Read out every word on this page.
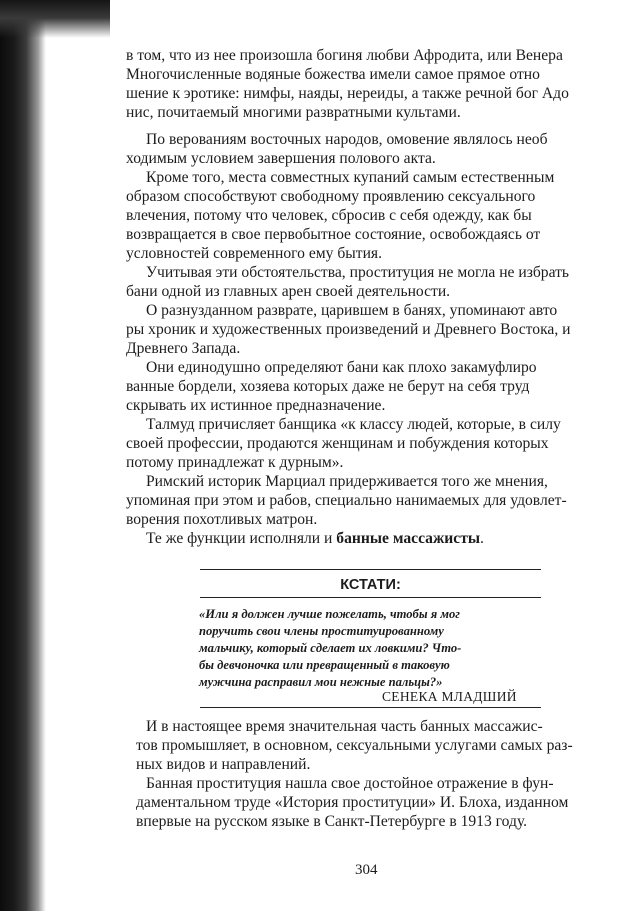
в том, что из нее произошла богиня любви Афродита, или Венера
Многочисленные водяные божества имели самое прямое отно
шение к эротике: нимфы, наяды, нереиды, а также речной бог Адо
нис, почитаемый многими развратными культами.
По верованиям восточных народов, омовение являлось необ
ходимым условием завершения полового акта.
Кроме того, места совместных купаний самым естественным
образом способствуют свободному проявлению сексуального
влечения, потому что человек, сбросив с себя одежду, как бы
возвращается в свое первобытное состояние, освобождаясь от
условностей современного ему бытия.
Учитывая эти обстоятельства, проституция не могла не избрать
бани одной из главных арен своей деятельности.
О разнузданном разврате, царившем в банях, упоминают авто
ры хроник и художественных произведений и Древнего Востока, и
Древнего Запада.
Они единодушно определяют бани как плохо закамуфлиро
ванные бордели, хозяева которых даже не берут на себя труд
скрывать их истинное предназначение.
Талмуд причисляет банщика «к классу людей, которые, в силу
своей профессии, продаются женщинам и побуждения которых
потому принадлежат к дурным».
Римский историк Марциал придерживается того же мнения,
упоминая при этом и рабов, специально нанимаемых для удовлет-
ворения похотливых матрон.
Те же функции исполняли и банные массажисты.
КСТАТИ:
«Или я должен лучше пожелать, чтобы я мог
поручить свои члены проституированному
мальчику, который сделает их ловкими? Что-
бы девчоночка или превращенный в таковую
мужчина расправил мои нежные пальцы?»
СЕНЕКА МЛАДШИЙ
И в настоящее время значительная часть банных массажис-
тов промышляет, в основном, сексуальными услугами самых раз-
ных видов и направлений.
Банная проституция нашла свое достойное отражение в фун-
даментальном труде «История проституции» И. Блоха, изданном
впервые на русском языке в Санкт-Петербурге в 1913 году.
304
